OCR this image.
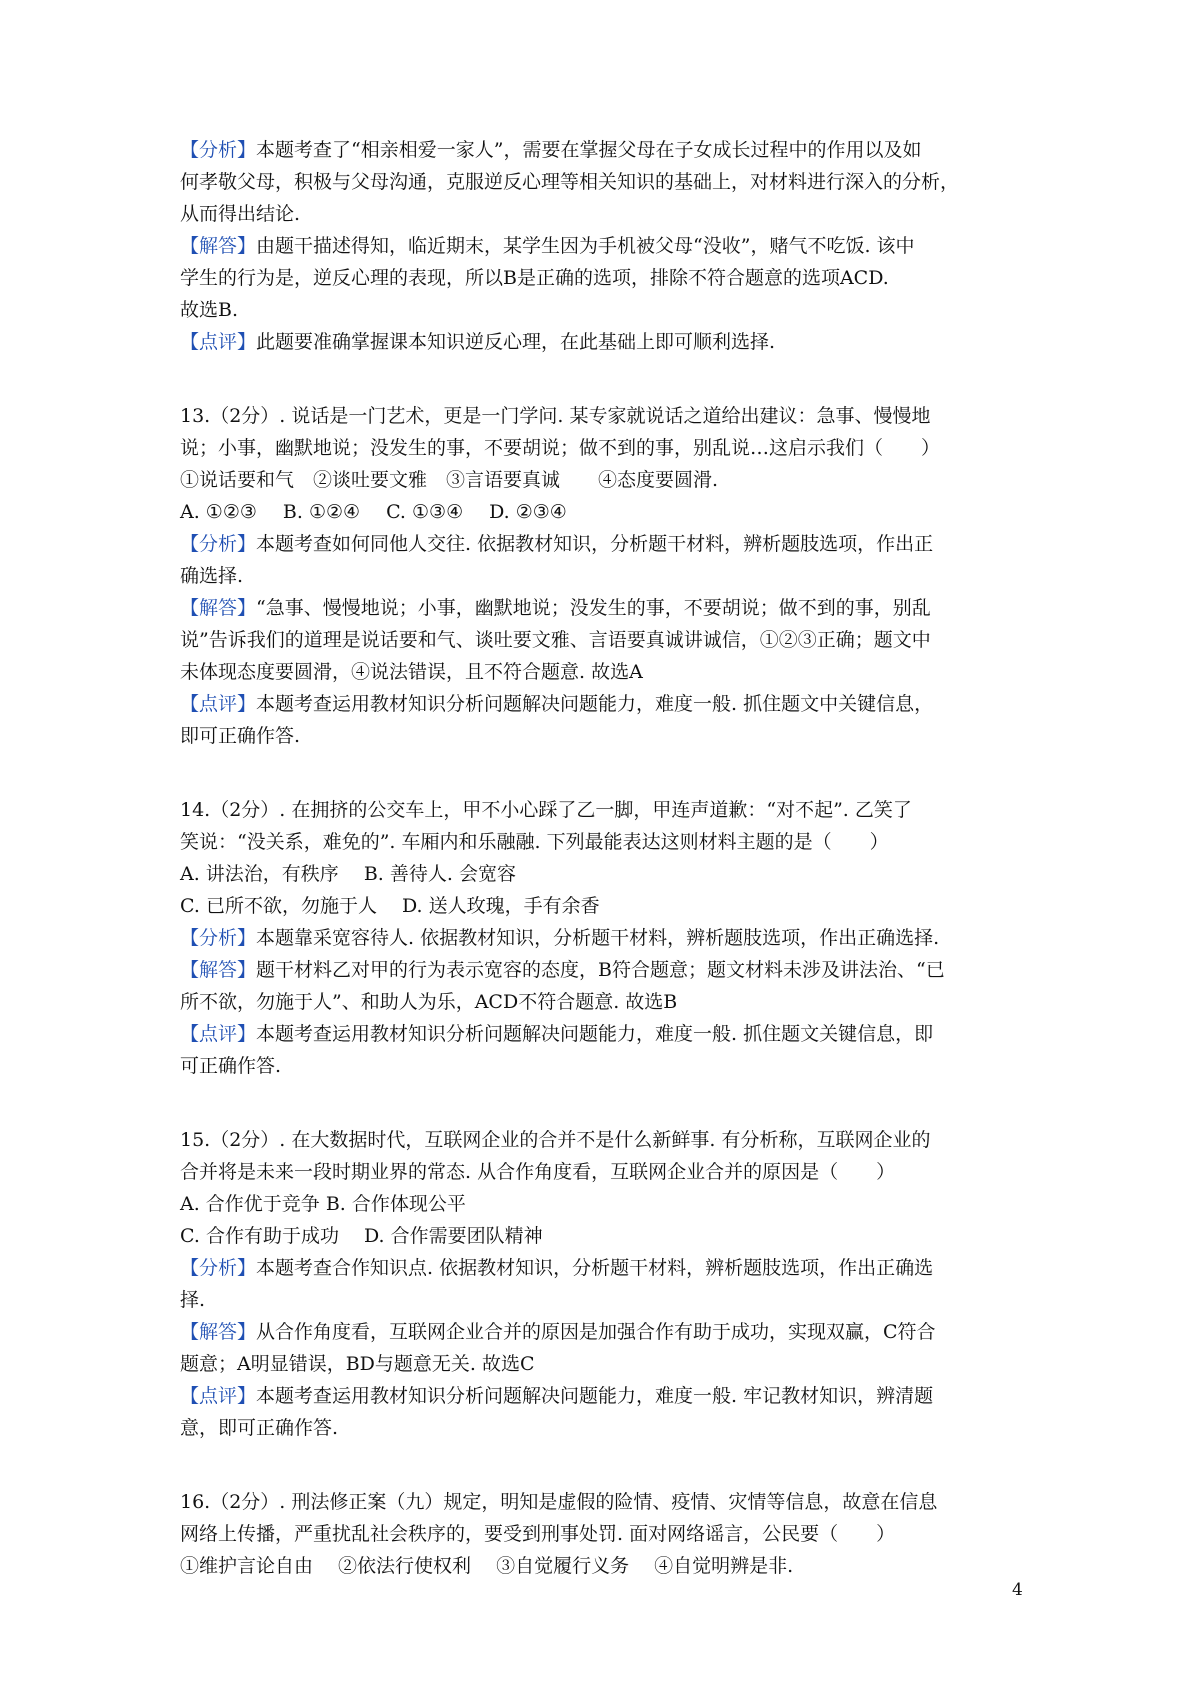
【分析】本题考查了“相亲相爱一家人”，需要在掌握父母在子女成长过程中的作用以及如
何孝敬父母，积极与父母沟通，克服逆反心理等相关知识的基础上，对材料进行深入的分析，
从而得出结论.
【解答】由题干描述得知，临近期末，某学生因为手机被父母“没收”，赌气不吃饭. 该中
学生的行为是，逆反心理的表现，所以B是正确的选项，排除不符合题意的选项ACD.
故选B.
【点评】此题要准确掌握课本知识逆反心理，在此基础上即可顺利选择.
13.（2分）. 说话是一门艺术，更是一门学问. 某专家就说话之道给出建议：急事、慢慢地
说；小事，幽默地说；没发生的事，不要胡说；做不到的事，别乱说…这启示我们（　　）
①说话要和气　②谈吐要文雅　③言语要真诚　　④态度要圆滑.
A. ①②③ B. ①②④ C. ①③④ D. ②③④
【分析】本题考查如何同他人交往. 依据教材知识，分析题干材料，辨析题肢选项，作出正
确选择.
【解答】“急事、慢慢地说；小事，幽默地说；没发生的事，不要胡说；做不到的事，别乱
说”告诉我们的道理是说话要和气、谈吐要文雅、言语要真诚讲诚信，①②③正确；题文中
未体现态度要圆滑，④说法错误，且不符合题意. 故选A
【点评】本题考查运用教材知识分析问题解决问题能力，难度一般. 抓住题文中关键信息，
即可正确作答.
14.（2分）. 在拥挤的公交车上，甲不小心踩了乙一脚，甲连声道歉：“对不起”. 乙笑了
笑说：“没关系，难免的”. 车厢内和乐融融. 下列最能表达这则材料主题的是（　　）
A. 讲法治，有秩序　 B. 善待人. 会宽容
C. 已所不欲，勿施于人　 D. 送人玫瑰，手有余香
【分析】本题靠采宽容待人. 依据教材知识，分析题干材料，辨析题肢选项，作出正确选择.
【解答】题干材料乙对甲的行为表示宽容的态度，B符合题意；题文材料未涉及讲法治、“已
所不欲，勿施于人”、和助人为乐，ACD不符合题意. 故选B
【点评】本题考查运用教材知识分析问题解决问题能力，难度一般. 抓住题文关键信息，即
可正确作答.
15.（2分）. 在大数据时代，互联网企业的合并不是什么新鲜事. 有分析称，互联网企业的
合并将是未来一段时期业界的常态. 从合作角度看，互联网企业合并的原因是（　　）
A. 合作优于竞争 B. 合作体现公平
C. 合作有助于成功　 D. 合作需要团队精神
【分析】本题考查合作知识点. 依据教材知识，分析题干材料，辨析题肢选项，作出正确选
择.
【解答】从合作角度看，互联网企业合并的原因是加强合作有助于成功，实现双赢，C符合
题意；A明显错误，BD与题意无关. 故选C
【点评】本题考查运用教材知识分析问题解决问题能力，难度一般. 牢记教材知识，辨清题
意，即可正确作答.
16.（2分）. 刑法修正案（九）规定，明知是虚假的险情、疫情、灾情等信息，故意在信息
网络上传播，严重扰乱社会秩序的，要受到刑事处罚. 面对网络谣言，公民要（　　）
①维护言论自由　 ②依法行使权利　 ③自觉履行义务　 ④自觉明辨是非.
4
